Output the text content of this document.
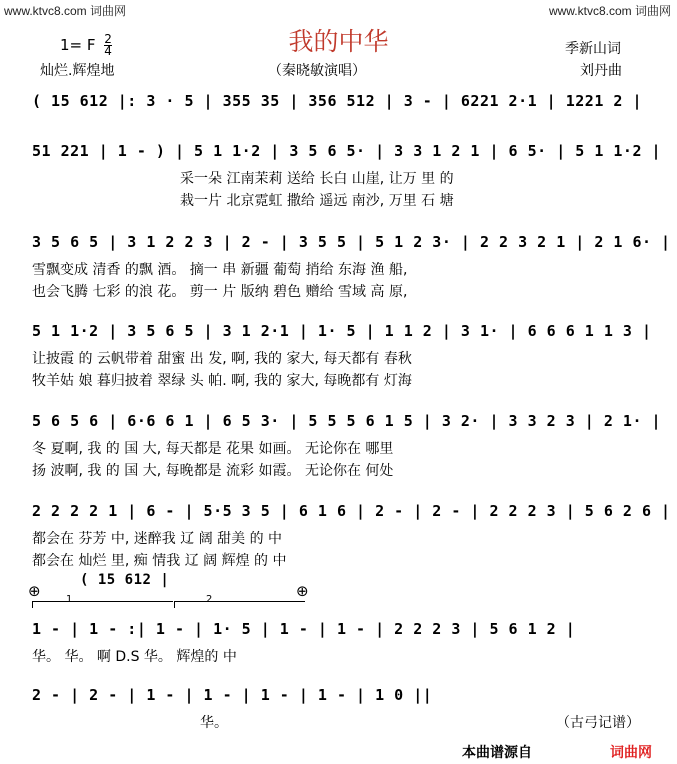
www.ktvc8.com 词曲网	www.ktvc8.com 词曲网
我的中华
1= F $\frac{2}{4}$
灿烂.辉煌地	（秦晓敏演唱）
季新山词
刘丹曲
( 15 612 |: 3 · 5 | 355 35 | 356 512 | 3 - | 6221 2·1 | 1221 2 |
51 221 | 1 - ) | 5 1 1·2 | 3 5 6 5· | 3 3 1 2 1 | 6 5· | 5 1 1·2 |
采一朵 江南茉莉 送给 长白 山崖, 让万 里 的
栽一片 北京霓虹 撒给 遥远 南沙, 万里 石 塘
3 5 6 5 | 3 1 2 2 3 | 2 - | 3 5 5 | 5 1 2 3· | 2 2 3 2 1 | 2 1 6· |
雪飘变成 清香 的飘 酒。 摘一 串 新疆 葡萄 捎给 东海 渔 船,
也会飞腾 七彩 的浪 花。 剪一 片 版纳 碧色 赠给 雪域 高 原,
5 1 1·2 | 3 5 6 5 | 3 1 2·1 | 1· 5 | 1 1 2 | 3 1· | 6 6 6 1 1 3 |
让披霞 的 云帆带着 甜蜜 出 发, 啊, 我的 家大, 每天都有 春秋
牧羊姑 娘 暮归披着 翠绿 头 帕. 啊, 我的 家大, 每晚都有 灯海
5 6 5 6 | 6·6 6 1 | 6 5 3· | 5 5 5 6 1 5 | 3 2· | 3 3 2 3 | 2 1· |
冬 夏啊, 我 的 国 大, 每天都是 花果 如画。 无论你在 哪里
扬 波啊, 我 的 国 大, 每晚都是 流彩 如霞。 无论你在 何处
2 2 2 2 1 | 6 - | 5·5 3 5 | 6 1 6 | 2 - | 2 - | 2 2 2 3 | 5 6 2 6 |
都会在 芬芳 中, 迷醉我 辽 阔 甜美 的 中
都会在 灿烂 里, 痴 情我 辽 阔 辉煌 的 中
⊕	⊕
( 15 612 |
1	2
1 - | 1 - :| 1 - | 1· 5 | 1 - | 1 - | 2 2 2 3 | 5 6 1 2 |
华。 华。 啊 D.S 华。 辉煌的 中
2 - | 2 - | 1 - | 1 - | 1 - | 1 - | 1 0 ||
华。	（古弓记谱）
本曲谱源自	词曲网
